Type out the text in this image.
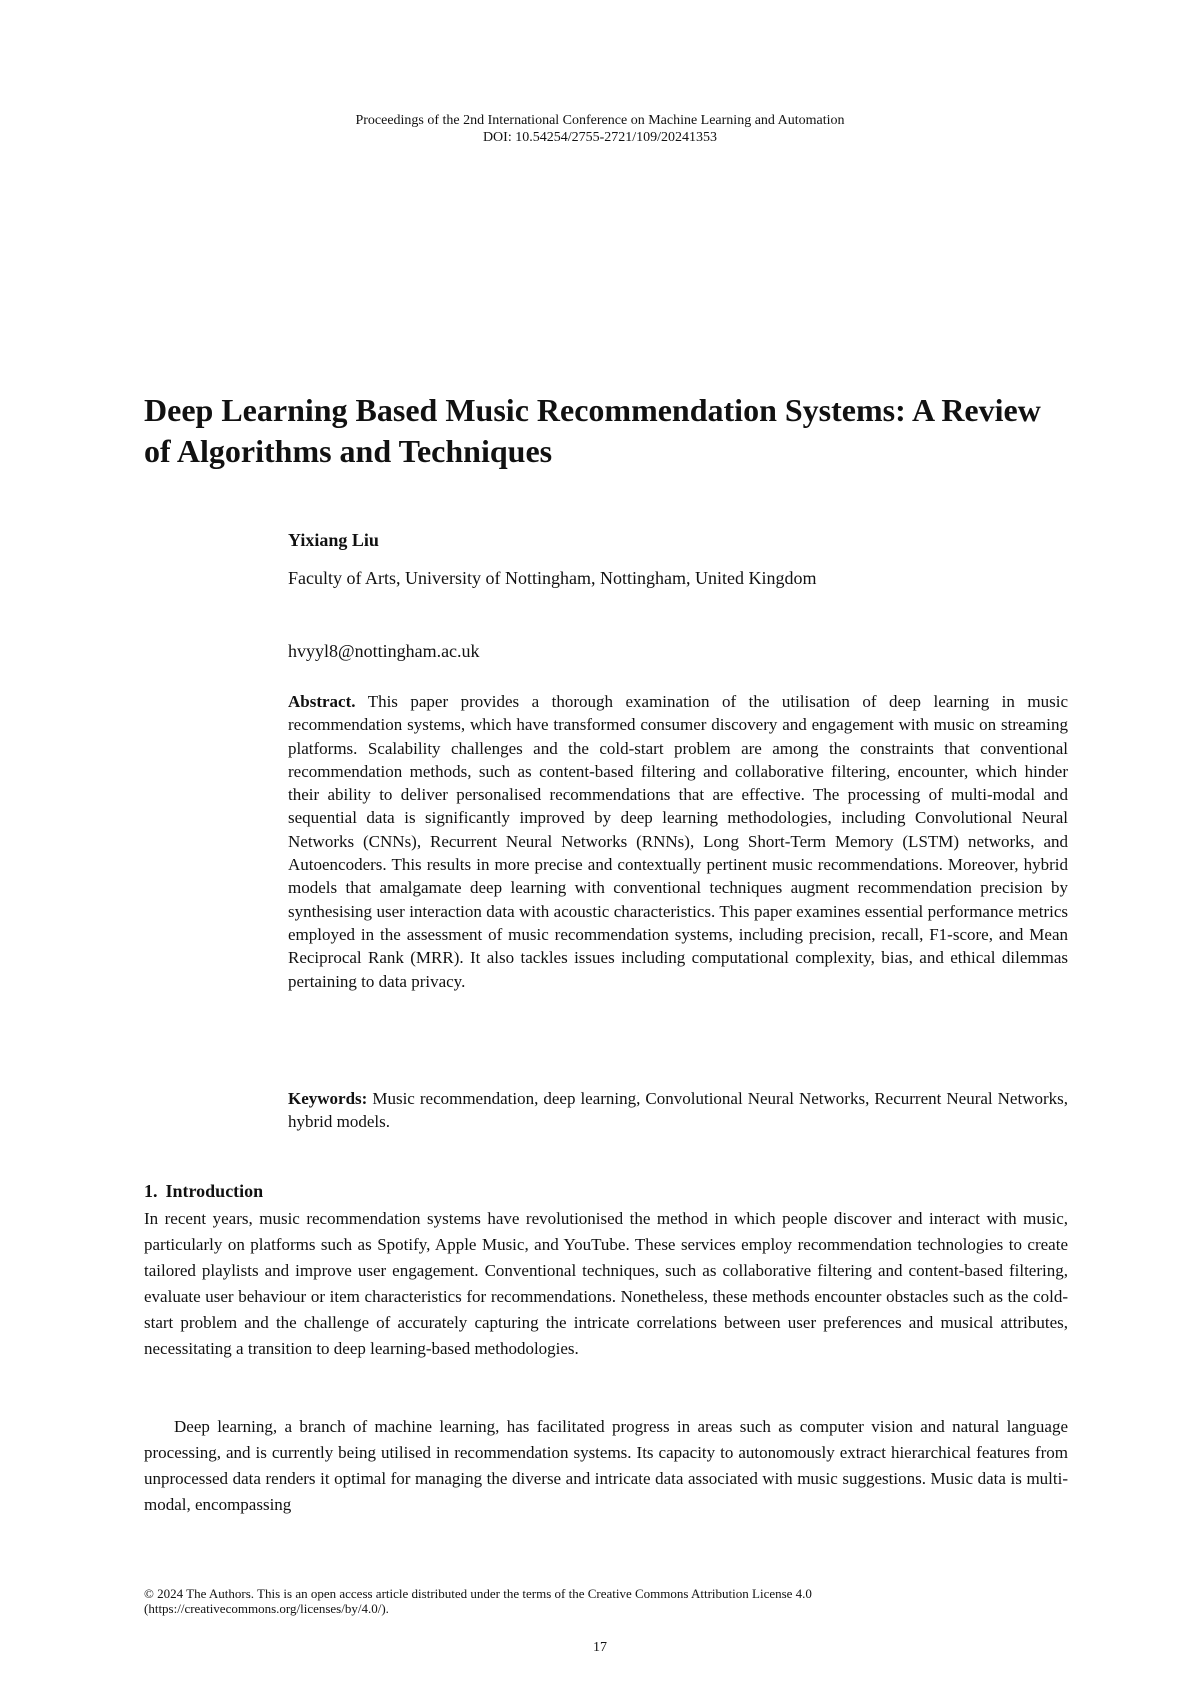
Proceedings of the 2nd International Conference on Machine Learning and Automation
DOI: 10.54254/2755-2721/109/20241353
Deep Learning Based Music Recommendation Systems: A Review of Algorithms and Techniques
Yixiang Liu
Faculty of Arts, University of Nottingham, Nottingham, United Kingdom
hvyyl8@nottingham.ac.uk

Abstract. This paper provides a thorough examination of the utilisation of deep learning in music recommendation systems, which have transformed consumer discovery and engagement with music on streaming platforms. Scalability challenges and the cold-start problem are among the constraints that conventional recommendation methods, such as content-based filtering and collaborative filtering, encounter, which hinder their ability to deliver personalised recommendations that are effective. The processing of multi-modal and sequential data is significantly improved by deep learning methodologies, including Convolutional Neural Networks (CNNs), Recurrent Neural Networks (RNNs), Long Short-Term Memory (LSTM) networks, and Autoencoders. This results in more precise and contextually pertinent music recommendations. Moreover, hybrid models that amalgamate deep learning with conventional techniques augment recommendation precision by synthesising user interaction data with acoustic characteristics. This paper examines essential performance metrics employed in the assessment of music recommendation systems, including precision, recall, F1-score, and Mean Reciprocal Rank (MRR). It also tackles issues including computational complexity, bias, and ethical dilemmas pertaining to data privacy.

Keywords: Music recommendation, deep learning, Convolutional Neural Networks, Recurrent Neural Networks, hybrid models.

1. Introduction

In recent years, music recommendation systems have revolutionised the method in which people discover and interact with music, particularly on platforms such as Spotify, Apple Music, and YouTube. These services employ recommendation technologies to create tailored playlists and improve user engagement. Conventional techniques, such as collaborative filtering and content-based filtering, evaluate user behaviour or item characteristics for recommendations. Nonetheless, these methods encounter obstacles such as the cold-start problem and the challenge of accurately capturing the intricate correlations between user preferences and musical attributes, necessitating a transition to deep learning-based methodologies.

Deep learning, a branch of machine learning, has facilitated progress in areas such as computer vision and natural language processing, and is currently being utilised in recommendation systems. Its capacity to autonomously extract hierarchical features from unprocessed data renders it optimal for managing the diverse and intricate data associated with music suggestions. Music data is multi-modal, encompassing

© 2024 The Authors. This is an open access article distributed under the terms of the Creative Commons Attribution License 4.0
(https://creativecommons.org/licenses/by/4.0/).
17
